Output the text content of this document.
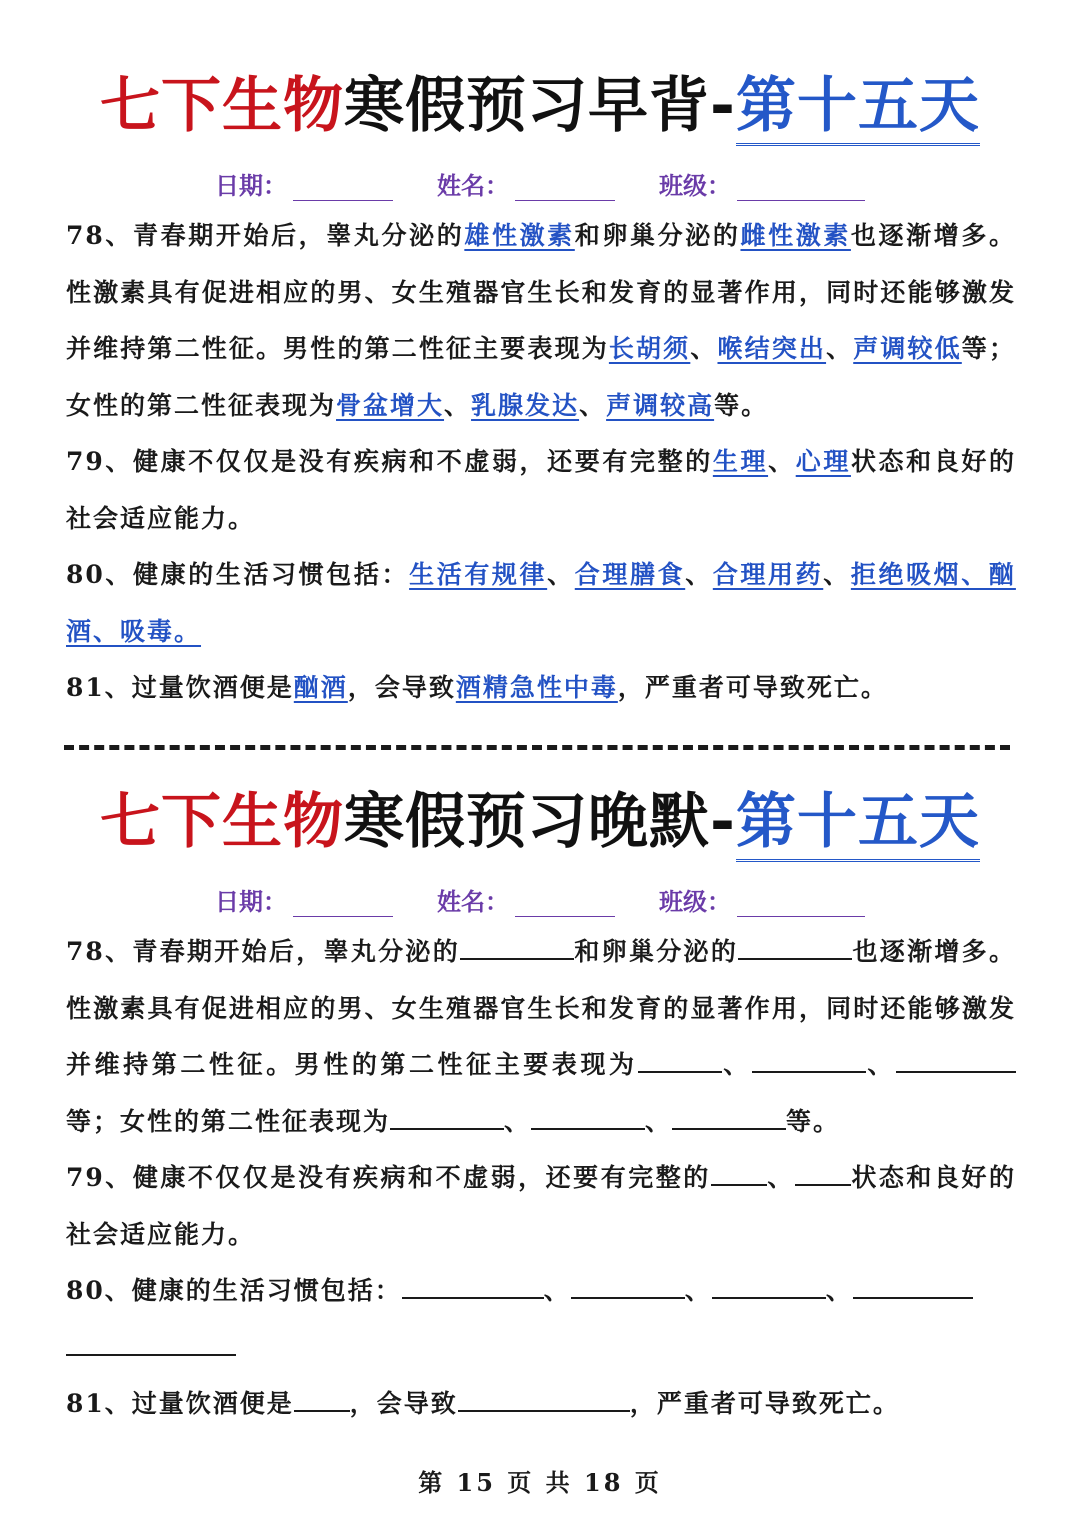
七下生物寒假预习早背-第十五天
日期：	姓名：	班级：
78、青春期开始后，睾丸分泌的雄性激素和卵巢分泌的雌性激素也逐渐增多。性激素具有促进相应的男、女生殖器官生长和发育的显著作用，同时还能够激发并维持第二性征。男性的第二性征主要表现为长胡须、喉结突出、声调较低等；女性的第二性征表现为骨盆增大、乳腺发达、声调较高等。
79、健康不仅仅是没有疾病和不虚弱，还要有完整的生理、心理状态和良好的社会适应能力。
80、健康的生活习惯包括：生活有规律、合理膳食、合理用药、拒绝吸烟、酗酒、吸毒。
81、过量饮酒便是酗酒，会导致酒精急性中毒，严重者可导致死亡。
七下生物寒假预习晚默-第十五天
日期：	姓名：	班级：
78、青春期开始后，睾丸分泌的	和卵巢分泌的	也逐渐增多。性激素具有促进相应的男、女生殖器官生长和发育的显著作用，同时还能够激发并维持第二性征。男性的第二性征主要表现为	、	、等；女性的第二性征表现为	、	、	等。
79、健康不仅仅是没有疾病和不虚弱，还要有完整的 、 状态和良好的社会适应能力。
80、健康的生活习惯包括：	、	、	、

81、过量饮酒便是 ，会导致	，严重者可导致死亡。
第 15 页 共 18 页
